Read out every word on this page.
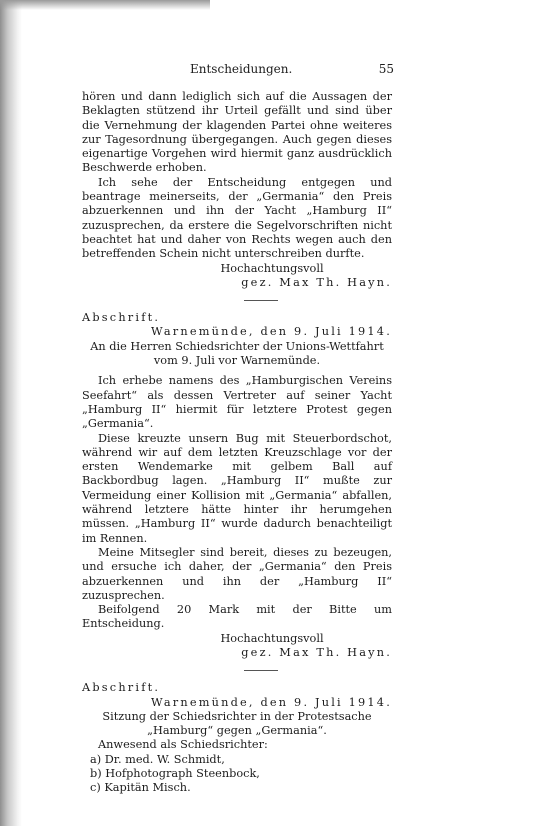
Entscheidungen.	55

hören und dann lediglich sich auf die Aussagen der Beklagten stützend ihr Urteil gefällt und sind über die Vernehmung der klagenden Partei ohne weiteres zur Tagesordnung übergegangen. Auch gegen dieses eigenartige Vorgehen wird hiermit ganz ausdrücklich Beschwerde erhoben.

Ich sehe der Entscheidung entgegen und beantrage meinerseits, der „Germania“ den Preis abzuerkennen und ihn der Yacht „Hamburg II“ zuzusprechen, da erstere die Segelvorschriften nicht beachtet hat und daher von Rechts wegen auch den betreffenden Schein nicht unterschreiben durfte.

Hochachtungsvoll

gez. Max Th. Hayn.

Abschrift.

Warnemünde, den 9. Juli 1914.

An die Herren Schiedsrichter der Unions-Wettfahrt vom 9. Juli vor Warnemünde.

Ich erhebe namens des „Hamburgischen Vereins Seefahrt“ als dessen Vertreter auf seiner Yacht „Hamburg II“ hiermit für letztere Protest gegen „Germania“.

Diese kreuzte unsern Bug mit Steuerbordschot, während wir auf dem letzten Kreuzschlage vor der ersten Wendemarke mit gelbem Ball auf Backbordbug lagen. „Hamburg II“ mußte zur Vermeidung einer Kollision mit „Germania“ abfallen, während letztere hätte hinter ihr herumgehen müssen. „Hamburg II“ wurde dadurch benachteiligt im Rennen.

Meine Mitsegler sind bereit, dieses zu bezeugen, und ersuche ich daher, der „Germania“ den Preis abzuerkennen und ihn der „Hamburg II“ zuzusprechen.

Beifolgend 20 Mark mit der Bitte um Entscheidung.

Hochachtungsvoll

gez. Max Th. Hayn.

Abschrift.

Warnemünde, den 9. Juli 1914.

Sitzung der Schiedsrichter in der Protestsache „Hamburg“ gegen „Germania“.

Anwesend als Schiedsrichter:

a) Dr. med. W. Schmidt,

b) Hofphotograph Steenbock,

c) Kapitän Misch.
